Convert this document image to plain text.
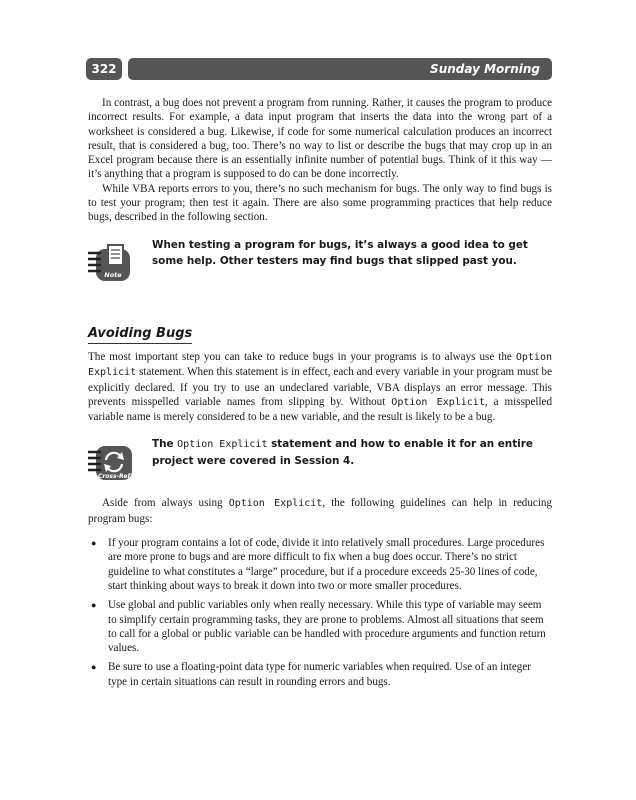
322	Sunday Morning

In contrast, a bug does not prevent a program from running. Rather, it causes the program to produce incorrect results. For example, a data input program that inserts the data into the wrong part of a worksheet is considered a bug. Likewise, if code for some numerical calculation produces an incorrect result, that is considered a bug, too. There’s no way to list or describe the bugs that may crop up in an Excel program because there is an essentially infinite number of potential bugs. Think of it this way — it’s anything that a program is supposed to do can be done incorrectly.

While VBA reports errors to you, there’s no such mechanism for bugs. The only way to find bugs is to test your program; then test it again. There are also some programming practices that help reduce bugs, described in the following section.

Note
When testing a program for bugs, it’s always a good idea to get some help. Other testers may find bugs that slipped past you.
Avoiding Bugs

The most important step you can take to reduce bugs in your programs is to always use the Option Explicit statement. When this statement is in effect, each and every variable in your program must be explicitly declared. If you try to use an undeclared variable, VBA displays an error message. This prevents misspelled variable names from slipping by. Without Option Explicit, a misspelled variable name is merely considered to be a new variable, and the result is likely to be a bug.

Cross-Ref
The Option Explicit statement and how to enable it for an entire project were covered in Session 4.

Aside from always using Option Explicit, the following guidelines can help in reducing program bugs:

● If your program contains a lot of code, divide it into relatively small procedures. Large procedures are more prone to bugs and are more difficult to fix when a bug does occur. There’s no strict guideline to what constitutes a “large” procedure, but if a procedure exceeds 25-30 lines of code, start thinking about ways to break it down into two or more smaller procedures.
● Use global and public variables only when really necessary. While this type of variable may seem to simplify certain programming tasks, they are prone to problems. Almost all situations that seem to call for a global or public variable can be handled with procedure arguments and function return values.
● Be sure to use a floating-point data type for numeric variables when required. Use of an integer type in certain situations can result in rounding errors and bugs.
